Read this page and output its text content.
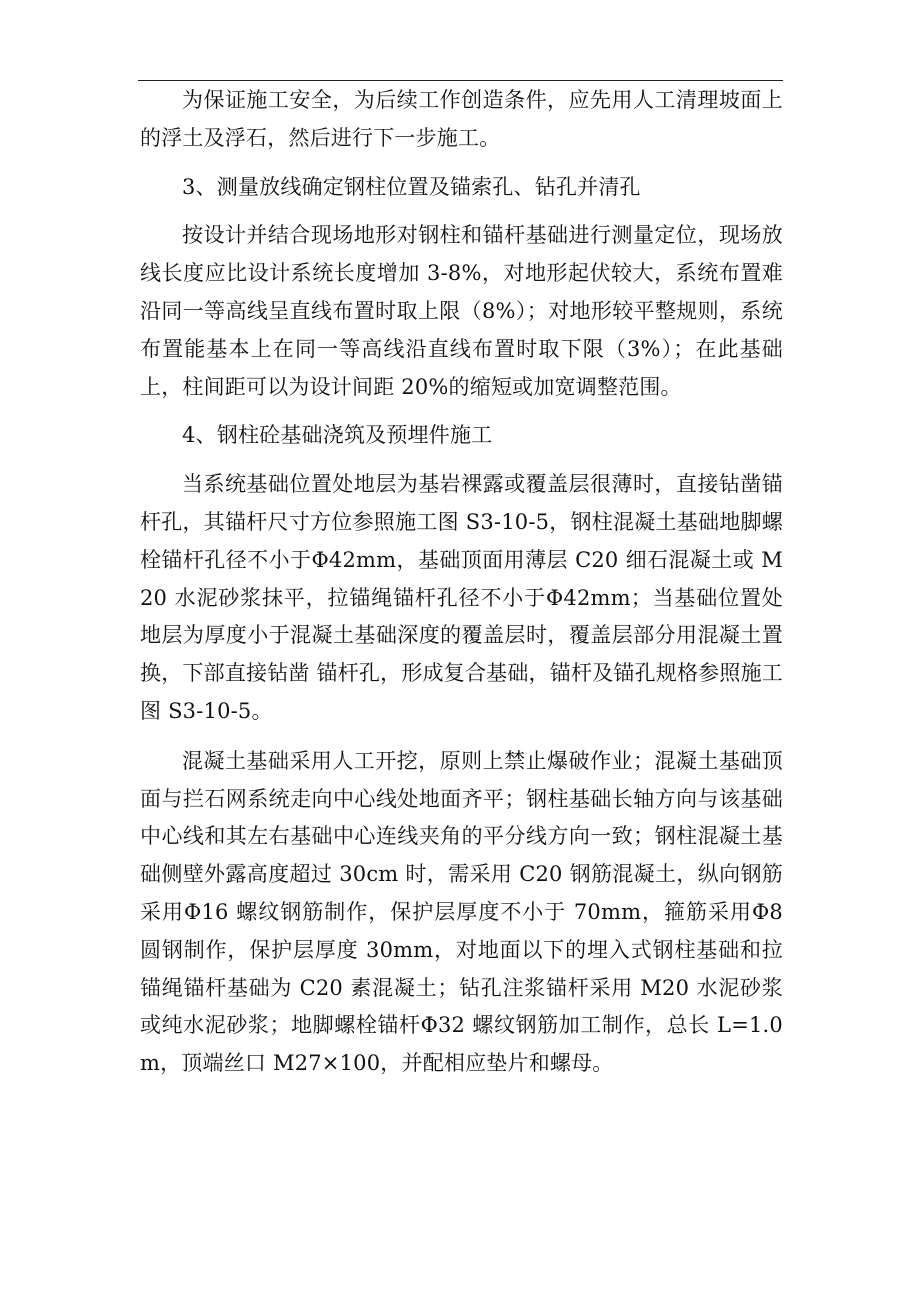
为保证施工安全，为后续工作创造条件，应先用人工清理坡面上的浮土及浮石，然后进行下一步施工。

3、测量放线确定钢柱位置及锚索孔、钻孔并清孔

按设计并结合现场地形对钢柱和锚杆基础进行测量定位，现场放线长度应比设计系统长度增加 3-8%，对地形起伏较大，系统布置难沿同一等高线呈直线布置时取上限（8%）；对地形较平整规则，系统布置能基本上在同一等高线沿直线布置时取下限（3%）；在此基础上，柱间距可以为设计间距 20%的缩短或加宽调整范围。

4、钢柱砼基础浇筑及预埋件施工

当系统基础位置处地层为基岩裸露或覆盖层很薄时，直接钻凿锚杆孔，其锚杆尺寸方位参照施工图 S3-10-5，钢柱混凝土基础地脚螺栓锚杆孔径不小于Φ42mm，基础顶面用薄层 C20 细石混凝土或 M20 水泥砂浆抹平，拉锚绳锚杆孔径不小于Φ42mm；当基础位置处地层为厚度小于混凝土基础深度的覆盖层时，覆盖层部分用混凝土置换，下部直接钻凿 锚杆孔，形成复合基础，锚杆及锚孔规格参照施工图 S3-10-5。

混凝土基础采用人工开挖，原则上禁止爆破作业；混凝土基础顶面与拦石网系统走向中心线处地面齐平；钢柱基础长轴方向与该基础中心线和其左右基础中心连线夹角的平分线方向一致；钢柱混凝土基础侧壁外露高度超过 30cm 时，需采用 C20 钢筋混凝土，纵向钢筋采用Φ16 螺纹钢筋制作，保护层厚度不小于 70mm，箍筋采用Φ8 圆钢制作，保护层厚度 30mm，对地面以下的埋入式钢柱基础和拉锚绳锚杆基础为 C20 素混凝土；钻孔注浆锚杆采用 M20 水泥砂浆或纯水泥砂浆；地脚螺栓锚杆Φ32 螺纹钢筋加工制作，总长 L=1.0m，顶端丝口 M27×100，并配相应垫片和螺母。
